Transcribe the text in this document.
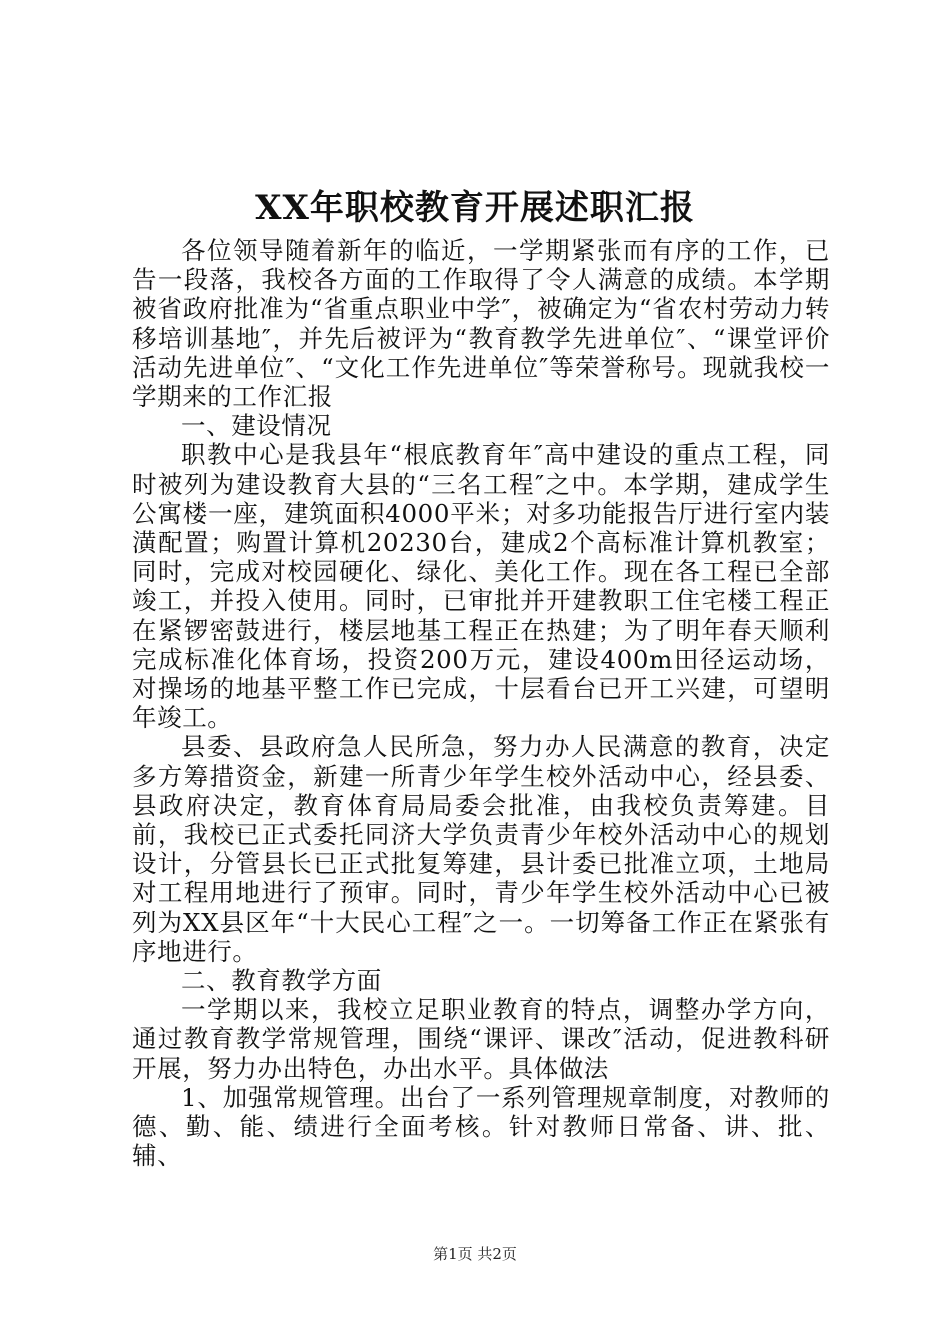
XX年职校教育开展述职汇报

各位领导随着新年的临近，一学期紧张而有序的工作，已告一段落，我校各方面的工作取得了令人满意的成绩。本学期被省政府批准为“省重点职业中学″，被确定为“省农村劳动力转移培训基地″，并先后被评为“教育教学先进单位″、“课堂评价活动先进单位″、“文化工作先进单位″等荣誉称号。现就我校一学期来的工作汇报

一、建设情况

职教中心是我县年“根底教育年″高中建设的重点工程，同时被列为建设教育大县的“三名工程″之中。本学期，建成学生公寓楼一座，建筑面积4000平米；对多功能报告厅进行室内装潢配置；购置计算机20230台，建成2个高标准计算机教室；同时，完成对校园硬化、绿化、美化工作。现在各工程已全部竣工，并投入使用。同时，已审批并开建教职工住宅楼工程正在紧锣密鼓进行，楼层地基工程正在热建；为了明年春天顺利完成标准化体育场，投资200万元，建设400m田径运动场，对操场的地基平整工作已完成，十层看台已开工兴建，可望明年竣工。

县委、县政府急人民所急，努力办人民满意的教育，决定多方筹措资金，新建一所青少年学生校外活动中心，经县委、县政府决定，教育体育局局委会批准，由我校负责筹建。目前，我校已正式委托同济大学负责青少年校外活动中心的规划设计，分管县长已正式批复筹建，县计委已批准立项，土地局对工程用地进行了预审。同时，青少年学生校外活动中心已被列为XX县区年“十大民心工程″之一。一切筹备工作正在紧张有序地进行。

二、教育教学方面

一学期以来，我校立足职业教育的特点，调整办学方向，通过教育教学常规管理，围绕“课评、课改″活动，促进教科研开展，努力办出特色，办出水平。具体做法

1、加强常规管理。出台了一系列管理规章制度，对教师的德、勤、能、绩进行全面考核。针对教师日常备、讲、批、辅、

第1页 共2页
